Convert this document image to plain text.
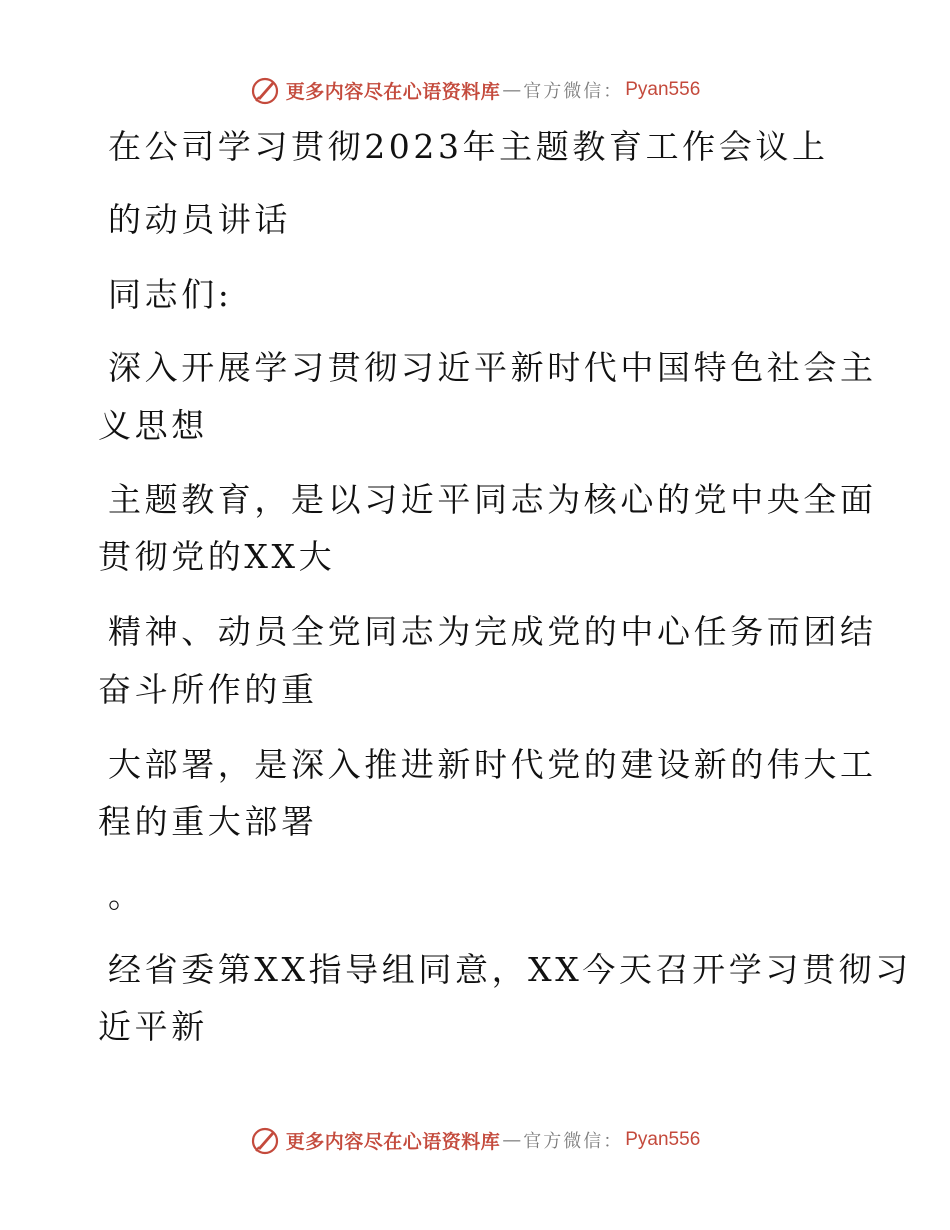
更多内容尽在心语资料库 — 官方微信： Pyan556
在公司学习贯彻2023年主题教育工作会议上
的动员讲话
同志们:
深入开展学习贯彻习近平新时代中国特色社会主
义思想
主题教育，是以习近平同志为核心的党中央全面
贯彻党的XX大
精神、动员全党同志为完成党的中心任务而团结
奋斗所作的重
大部署，是深入推进新时代党的建设新的伟大工
程的重大部署
。
经省委第XX指导组同意，XX今天召开学习贯彻习
近平新
更多内容尽在心语资料库 — 官方微信： Pyan556
